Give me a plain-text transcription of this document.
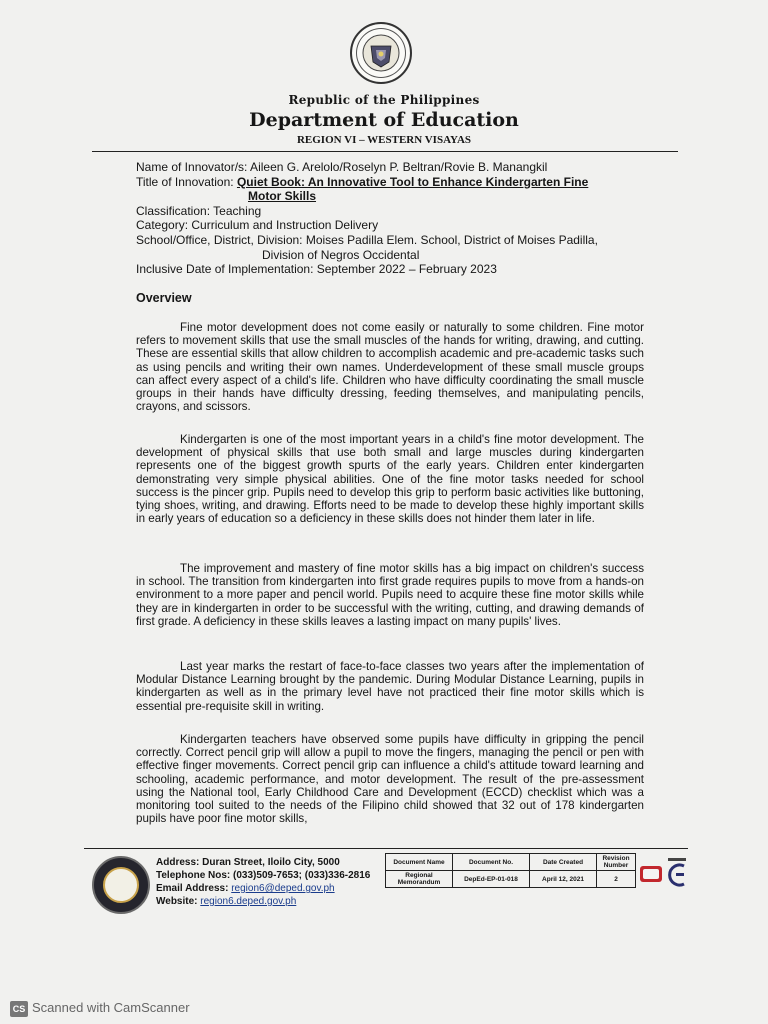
Republic of the Philippines
Department of Education
REGION VI – WESTERN VISAYAS
Name of Innovator/s: Aileen G. Arelolo/Roselyn P. Beltran/Rovie B. Manangkil
Title of Innovation: Quiet Book: An Innovative Tool to Enhance Kindergarten Fine
Motor Skills
Classification: Teaching
Category: Curriculum and Instruction Delivery
School/Office, District, Division: Moises Padilla Elem. School, District of Moises Padilla,
Division of Negros Occidental
Inclusive Date of Implementation: September 2022 – February 2023
Overview

Fine motor development does not come easily or naturally to some children. Fine motor refers to movement skills that use the small muscles of the hands for writing, drawing, and cutting. These are essential skills that allow children to accomplish academic and pre-academic tasks such as using pencils and writing their own names. Underdevelopment of these small muscle groups can affect every aspect of a child's life. Children who have difficulty coordinating the small muscle groups in their hands have difficulty dressing, feeding themselves, and manipulating pencils, crayons, and scissors.

Kindergarten is one of the most important years in a child's fine motor development. The development of physical skills that use both small and large muscles during kindergarten represents one of the biggest growth spurts of the early years. Children enter kindergarten demonstrating very simple physical abilities. One of the fine motor tasks needed for school success is the pincer grip. Pupils need to develop this grip to perform basic activities like buttoning, tying shoes, writing, and drawing. Efforts need to be made to develop these highly important skills in early years of education so a deficiency in these skills does not hinder them later in life.

The improvement and mastery of fine motor skills has a big impact on children's success in school. The transition from kindergarten into first grade requires pupils to move from a hands-on environment to a more paper and pencil world. Pupils need to acquire these fine motor skills while they are in kindergarten in order to be successful with the writing, cutting, and drawing demands of first grade. A deficiency in these skills leaves a lasting impact on many pupils' lives.

Last year marks the restart of face-to-face classes two years after the implementation of Modular Distance Learning brought by the pandemic. During Modular Distance Learning, pupils in kindergarten as well as in the primary level have not practiced their fine motor skills which is essential pre-requisite skill in writing.

Kindergarten teachers have observed some pupils have difficulty in gripping the pencil correctly. Correct pencil grip will allow a pupil to move the fingers, managing the pencil or pen with effective finger movements. Correct pencil grip can influence a child's attitude toward learning and schooling, academic performance, and motor development. The result of the pre-assessment using the National tool, Early Childhood Care and Development (ECCD) checklist which was a monitoring tool suited to the needs of the Filipino child showed that 32 out of 178 kindergarten pupils have poor fine motor skills,

Address: Duran Street, Iloilo City, 5000
Telephone Nos: (033)509-7653; (033)336-2816
Email Address: region6@deped.gov.ph
Website: region6.deped.gov.ph
Document Name	Document No.	Date Created	Revision Number
Regional Memorandum	DepEd-EP-01-018	April 12, 2021	2
CS Scanned with CamScanner
